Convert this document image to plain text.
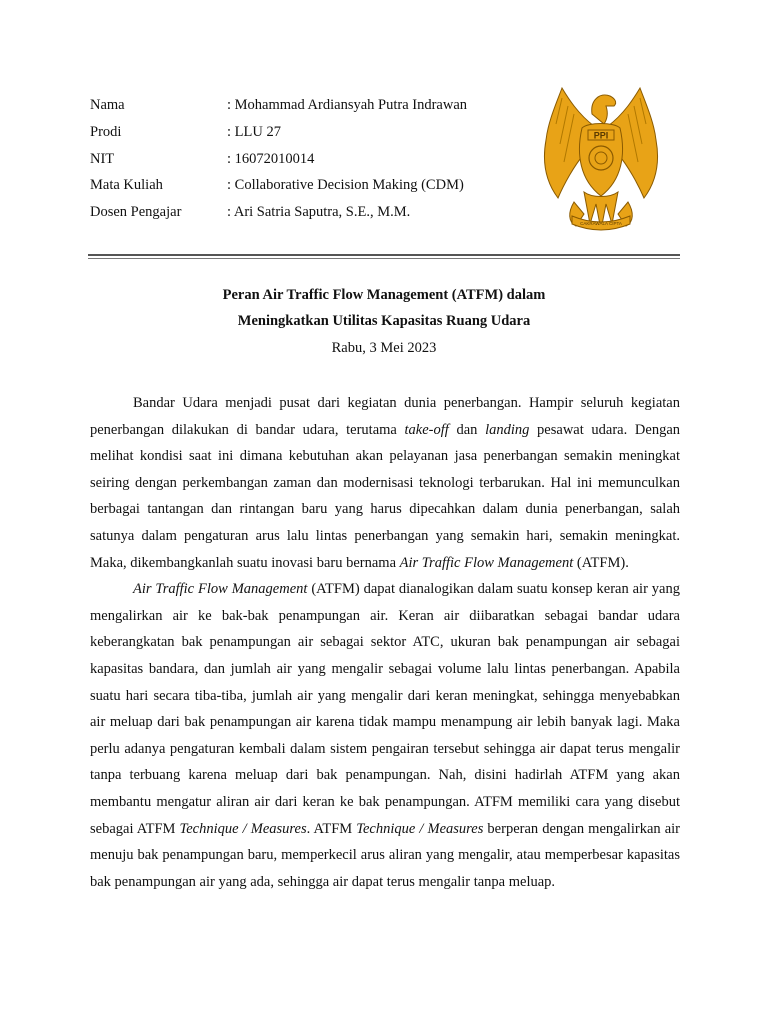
Nama	: Mohammad Ardiansyah Putra Indrawan
Prodi	: LLU 27
NIT	: 16072010014
Mata Kuliah	: Collaborative Decision Making (CDM)
Dosen Pengajar	: Ari Satria Saputra, S.E., M.M.
PPI
CAKRAWALA CIPTA
Peran Air Traffic Flow Management (ATFM) dalam
Meningkatkan Utilitas Kapasitas Ruang Udara
Rabu, 3 Mei 2023

Bandar Udara menjadi pusat dari kegiatan dunia penerbangan. Hampir seluruh kegiatan penerbangan dilakukan di bandar udara, terutama take-off dan landing pesawat udara. Dengan melihat kondisi saat ini dimana kebutuhan akan pelayanan jasa penerbangan semakin meningkat seiring dengan perkembangan zaman dan modernisasi teknologi terbarukan. Hal ini memunculkan berbagai tantangan dan rintangan baru yang harus dipecahkan dalam dunia penerbangan, salah satunya dalam pengaturan arus lalu lintas penerbangan yang semakin hari, semakin meningkat. Maka, dikembangkanlah suatu inovasi baru bernama Air Traffic Flow Management (ATFM).

Air Traffic Flow Management (ATFM) dapat dianalogikan dalam suatu konsep keran air yang mengalirkan air ke bak-bak penampungan air. Keran air diibaratkan sebagai bandar udara keberangkatan bak penampungan air sebagai sektor ATC, ukuran bak penampungan air sebagai kapasitas bandara, dan jumlah air yang mengalir sebagai volume lalu lintas penerbangan. Apabila suatu hari secara tiba-tiba, jumlah air yang mengalir dari keran meningkat, sehingga menyebabkan air meluap dari bak penampungan air karena tidak mampu menampung air lebih banyak lagi. Maka perlu adanya pengaturan kembali dalam sistem pengairan tersebut sehingga air dapat terus mengalir tanpa terbuang karena meluap dari bak penampungan. Nah, disini hadirlah ATFM yang akan membantu mengatur aliran air dari keran ke bak penampungan. ATFM memiliki cara yang disebut sebagai ATFM Technique / Measures. ATFM Technique / Measures berperan dengan mengalirkan air menuju bak penampungan baru, memperkecil arus aliran yang mengalir, atau memperbesar kapasitas bak penampungan air yang ada, sehingga air dapat terus mengalir tanpa meluap.
